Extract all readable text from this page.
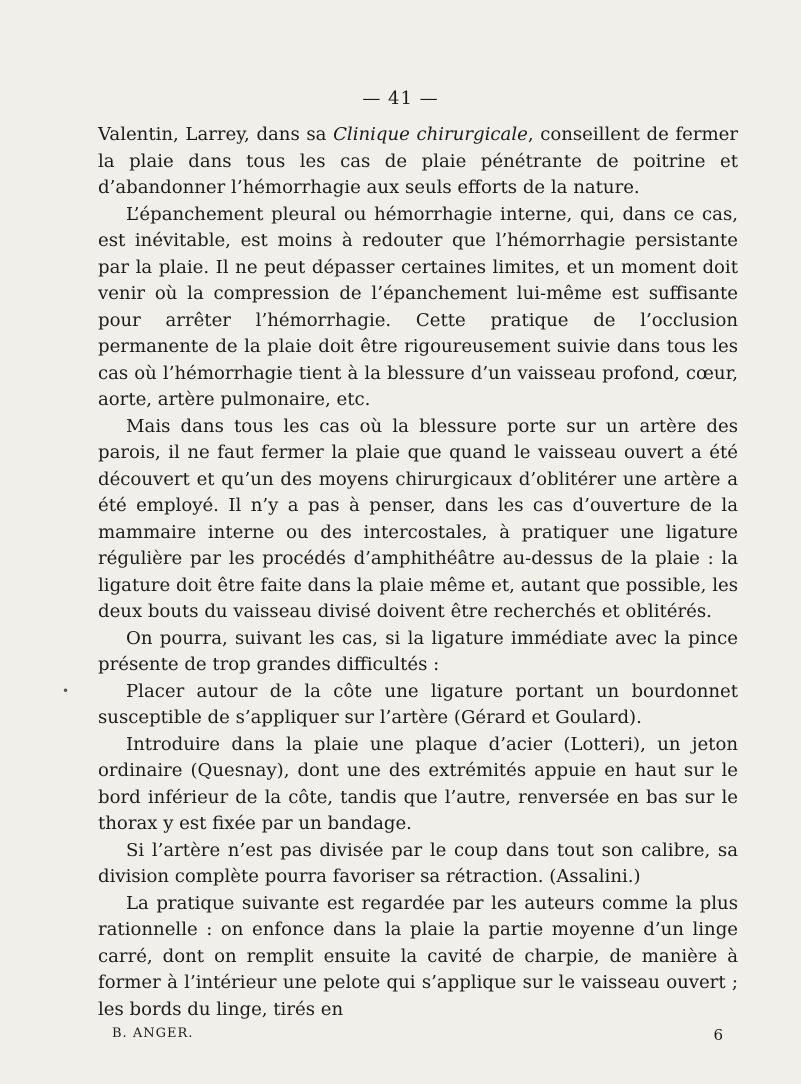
— 41 —
•

Valentin, Larrey, dans sa Clinique chirurgicale, conseillent de fermer la plaie dans tous les cas de plaie pénétrante de poitrine et d’abandonner l’hémorrhagie aux seuls efforts de la nature.

L’épanchement pleural ou hémorrhagie interne, qui, dans ce cas, est inévitable, est moins à redouter que l’hémorrhagie persistante par la plaie. Il ne peut dépasser certaines limites, et un moment doit venir où la compression de l’épanchement lui-même est suffisante pour arrêter l’hémorrhagie. Cette pratique de l’occlusion permanente de la plaie doit être rigoureusement suivie dans tous les cas où l’hémorrhagie tient à la blessure d’un vaisseau profond, cœur, aorte, artère pulmonaire, etc.

Mais dans tous les cas où la blessure porte sur un artère des parois, il ne faut fermer la plaie que quand le vaisseau ouvert a été découvert et qu’un des moyens chirurgicaux d’oblitérer une artère a été employé. Il n’y a pas à penser, dans les cas d’ouverture de la mammaire interne ou des intercostales, à pratiquer une ligature régulière par les procédés d’amphithéâtre au-dessus de la plaie : la ligature doit être faite dans la plaie même et, autant que possible, les deux bouts du vaisseau divisé doivent être recherchés et oblitérés.

On pourra, suivant les cas, si la ligature immédiate avec la pince présente de trop grandes difficultés :

Placer autour de la côte une ligature portant un bourdonnet susceptible de s’appliquer sur l’artère (Gérard et Goulard).

Introduire dans la plaie une plaque d’acier (Lotteri), un jeton ordinaire (Quesnay), dont une des extrémités appuie en haut sur le bord inférieur de la côte, tandis que l’autre, renversée en bas sur le thorax y est fixée par un bandage.

Si l’artère n’est pas divisée par le coup dans tout son calibre, sa division complète pourra favoriser sa rétraction. (Assalini.)

La pratique suivante est regardée par les auteurs comme la plus rationnelle : on enfonce dans la plaie la partie moyenne d’un linge carré, dont on remplit ensuite la cavité de charpie, de manière à former à l’intérieur une pelote qui s’applique sur le vaisseau ouvert ; les bords du linge, tirés en

B. ANGER.	6
